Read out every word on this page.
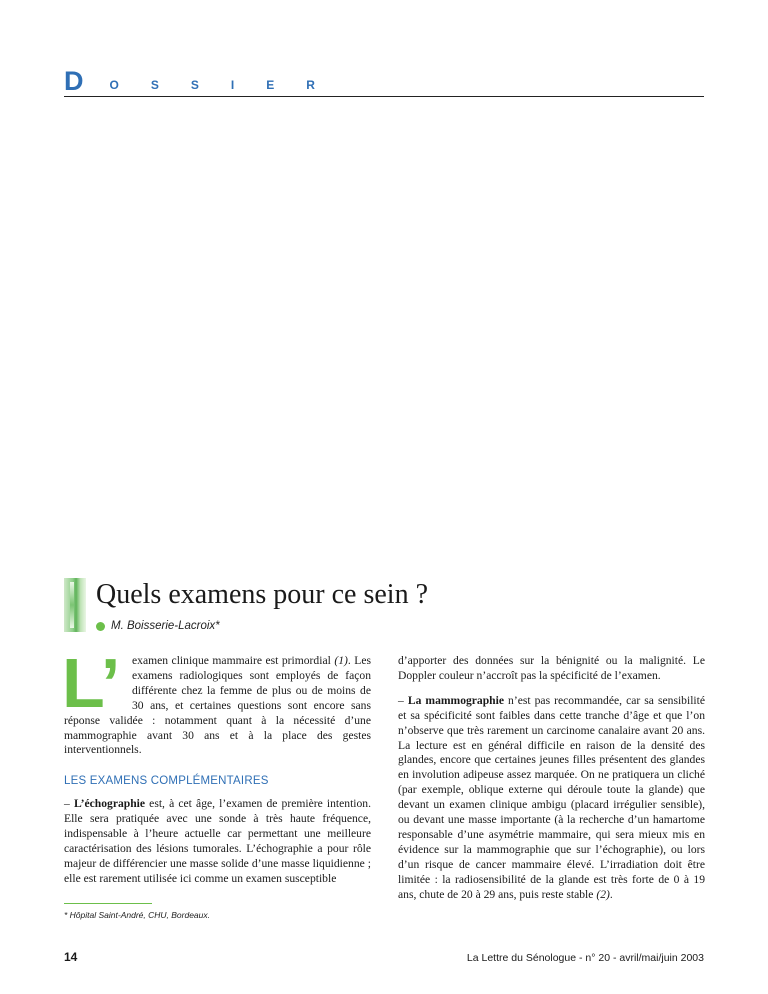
D O	S	S	I	E	R
Quels examens pour ce sein ?
M. Boisserie-Lacroix*

L’ examen clinique mammaire est primordial (1). Les examens radiologiques sont employés de façon différente chez la femme de plus ou de moins de 30 ans, et certaines questions sont encore sans réponse validée : notamment quant à la nécessité d’une mammographie avant 30 ans et à la place des gestes interventionnels.

LES EXAMENS COMPLÉMENTAIRES

– L’échographie est, à cet âge, l’examen de première intention. Elle sera pratiquée avec une sonde à très haute fréquence, indispensable à l’heure actuelle car permettant une meilleure caractérisation des lésions tumorales. L’échographie a pour rôle majeur de différencier une masse solide d’une masse liquidienne ; elle est rarement utilisée ici comme un examen susceptible

* Hôpital Saint-André, CHU, Bordeaux.

d’apporter des données sur la bénignité ou la malignité. Le Doppler couleur n’accroît pas la spécificité de l’examen.

– La mammographie n’est pas recommandée, car sa sensibilité et sa spécificité sont faibles dans cette tranche d’âge et que l’on n’observe que très rarement un carcinome canalaire avant 20 ans. La lecture est en général difficile en raison de la densité des glandes, encore que certaines jeunes filles présentent des glandes en involution adipeuse assez marquée. On ne pratiquera un cliché (par exemple, oblique externe qui déroule toute la glande) que devant un examen clinique ambigu (placard irrégulier sensible), ou devant une masse importante (à la recherche d’un hamartome responsable d’une asymétrie mammaire, qui sera mieux mis en évidence sur la mammographie que sur l’échographie), ou lors d’un risque de cancer mammaire élevé. L’irradiation doit être limitée : la radiosensibilité de la glande est très forte de 0 à 19 ans, chute de 20 à 29 ans, puis reste stable (2).

14	La Lettre du Sénologue - n° 20 - avril/mai/juin 2003
